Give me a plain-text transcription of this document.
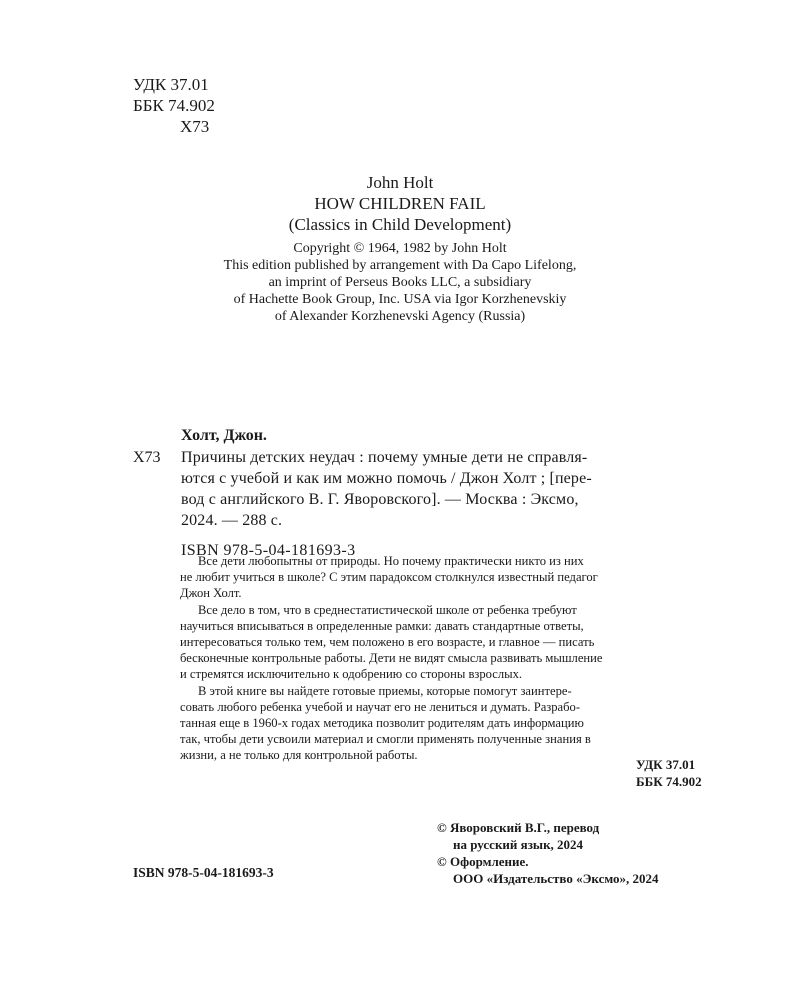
УДК 37.01
ББК 74.902
Х73
John Holt
HOW CHILDREN FAIL
(Classics in Child Development)
Copyright © 1964, 1982 by John Holt
This edition published by arrangement with Da Capo Lifelong,
an imprint of Perseus Books LLC, a subsidiary
of Hachette Book Group, Inc. USA via Igor Korzhenevskiy
of Alexander Korzhenevski Agency (Russia)
Холт, Джон.
Х73	Причины детских неудач : почему умные дети не справля-
ются с учебой и как им можно помочь / Джон Холт ; [пере-
вод с английского В. Г. Яворовского]. — Москва : Эксмо,
2024. — 288 с.
ISBN 978-5-04-181693-3
Все дети любопытны от природы. Но почему практически никто из них
не любит учиться в школе? С этим парадоксом столкнулся известный педагог
Джон Холт.
Все дело в том, что в среднестатистической школе от ребенка требуют
научиться вписываться в определенные рамки: давать стандартные ответы,
интересоваться только тем, чем положено в его возрасте, и главное — писать
бесконечные контрольные работы. Дети не видят смысла развивать мышление
и стремятся исключительно к одобрению со стороны взрослых.
В этой книге вы найдете готовые приемы, которые помогут заинтере-
совать любого ребенка учебой и научат его не лениться и думать. Разрабо-
танная еще в 1960-х годах методика позволит родителям дать информацию
так, чтобы дети усвоили материал и смогли применять полученные знания в
жизни, а не только для контрольной работы.
УДК 37.01
ББК 74.902
© Яворовский В.Г., перевод
на русский язык, 2024
© Оформление.
ООО «Издательство «Эксмо», 2024
ISBN 978-5-04-181693-3
